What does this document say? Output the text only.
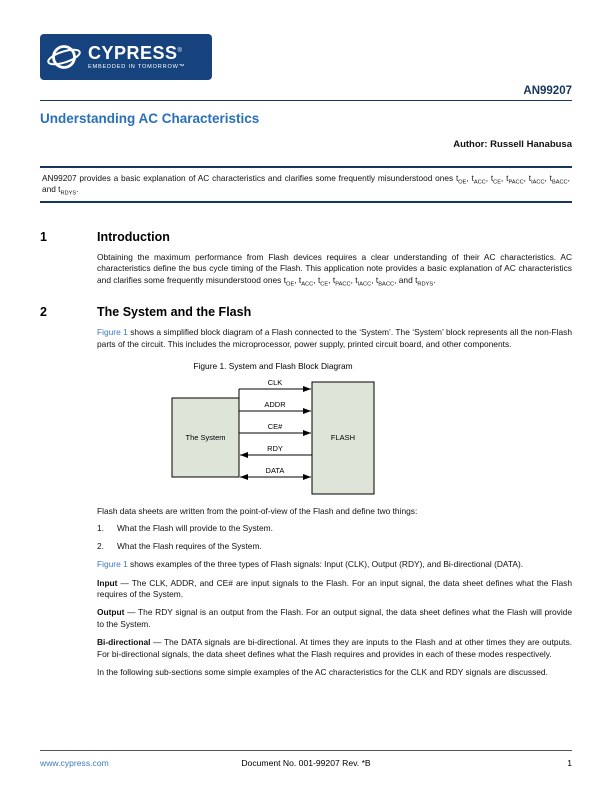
CYPRESS®
EMBEDDED IN TOMORROW™
AN99207
Understanding AC Characteristics
Author: Russell Hanabusa
AN99207 provides a basic explanation of AC characteristics and clarifies some frequently misunderstood ones $t_{OE}$, $t_{ACC}$, $t_{CE}$, $t_{PACC}$, $t_{IACC}$, $t_{BACC}$, and $t_{RDYS}$.
1	Introduction

Obtaining the maximum performance from Flash devices requires a clear understanding of their AC characteristics. AC characteristics define the bus cycle timing of the Flash. This application note provides a basic explanation of AC characteristics and clarifies some frequently misunderstood ones $t_{OE}$, $t_{ACC}$, $t_{CE}$, $t_{PACC}$, $t_{IACC}$, $t_{BACC}$, and $t_{RDYS}$.

2	The System and the Flash

Figure 1 shows a simplified block diagram of a Flash connected to the ‘System’. The ‘System’ block represents all the non-Flash parts of the circuit. This includes the microprocessor, power supply, printed circuit board, and other components.

Figure 1. System and Flash Block Diagram
The System	FLASH
CLK
ADDR
CE#
RDY
DATA

Flash data sheets are written from the point-of-view of the Flash and define two things:

1.	What the Flash will provide to the System.
2.	What the Flash requires of the System.

Figure 1 shows examples of the three types of Flash signals: Input (CLK), Output (RDY), and Bi-directional (DATA).

Input — The CLK, ADDR, and CE# are input signals to the Flash. For an input signal, the data sheet defines what the Flash requires of the System.

Output — The RDY signal is an output from the Flash. For an output signal, the data sheet defines what the Flash will provide to the System.

Bi-directional — The DATA signals are bi-directional. At times they are inputs to the Flash and at other times they are outputs. For bi-directional signals, the data sheet defines what the Flash requires and provides in each of these modes respectively.

In the following sub-sections some simple examples of the AC characteristics for the CLK and RDY signals are discussed.

www.cypress.com	Document No. 001-99207 Rev. *B	1
